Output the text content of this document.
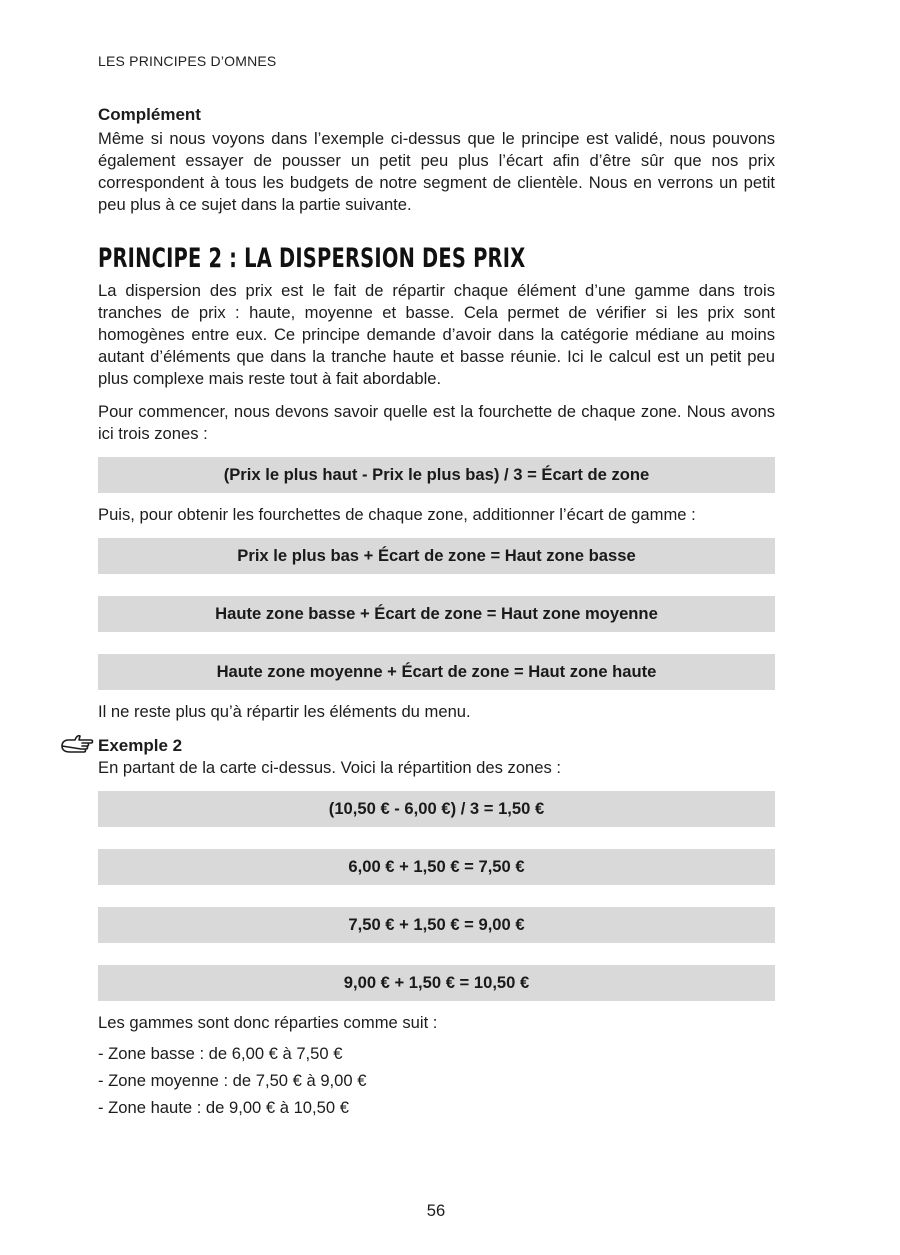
LES PRINCIPES D’OMNES
Complément

Même si nous voyons dans l’exemple ci-dessus que le principe est validé, nous pouvons également essayer de pousser un petit peu plus l’écart afin d’être sûr que nos prix correspondent à tous les budgets de notre segment de clientèle. Nous en verrons un petit peu plus à ce sujet dans la partie suivante.

PRINCIPE 2 : LA DISPERSION DES PRIX

La dispersion des prix est le fait de répartir chaque élément d’une gamme dans trois tranches de prix : haute, moyenne et basse. Cela permet de vérifier si les prix sont homogènes entre eux. Ce principe demande d’avoir dans la catégorie médiane au moins autant d’éléments que dans la tranche haute et basse réunie. Ici le calcul est un petit peu plus complexe mais reste tout à fait abordable.

Pour commencer, nous devons savoir quelle est la fourchette de chaque zone. Nous avons ici trois zones :

(Prix le plus haut - Prix le plus bas) / 3 = Écart de zone

Puis, pour obtenir les fourchettes de chaque zone, additionner l’écart de gamme :

Prix le plus bas + Écart de zone = Haut zone basse
Haute zone basse + Écart de zone = Haut zone moyenne
Haute zone moyenne + Écart de zone = Haut zone haute

Il ne reste plus qu’à répartir les éléments du menu.

Exemple 2

En partant de la carte ci-dessus. Voici la répartition des zones :

(10,50 € - 6,00 €) / 3 = 1,50 €
6,00 € + 1,50 € = 7,50 €
7,50 € + 1,50 € = 9,00 €
9,00 € + 1,50 € = 10,50 €

Les gammes sont donc réparties comme suit :

- Zone basse : de 6,00 € à 7,50 €
- Zone moyenne : de 7,50 € à 9,00 €
- Zone haute : de 9,00 € à 10,50 €
56
